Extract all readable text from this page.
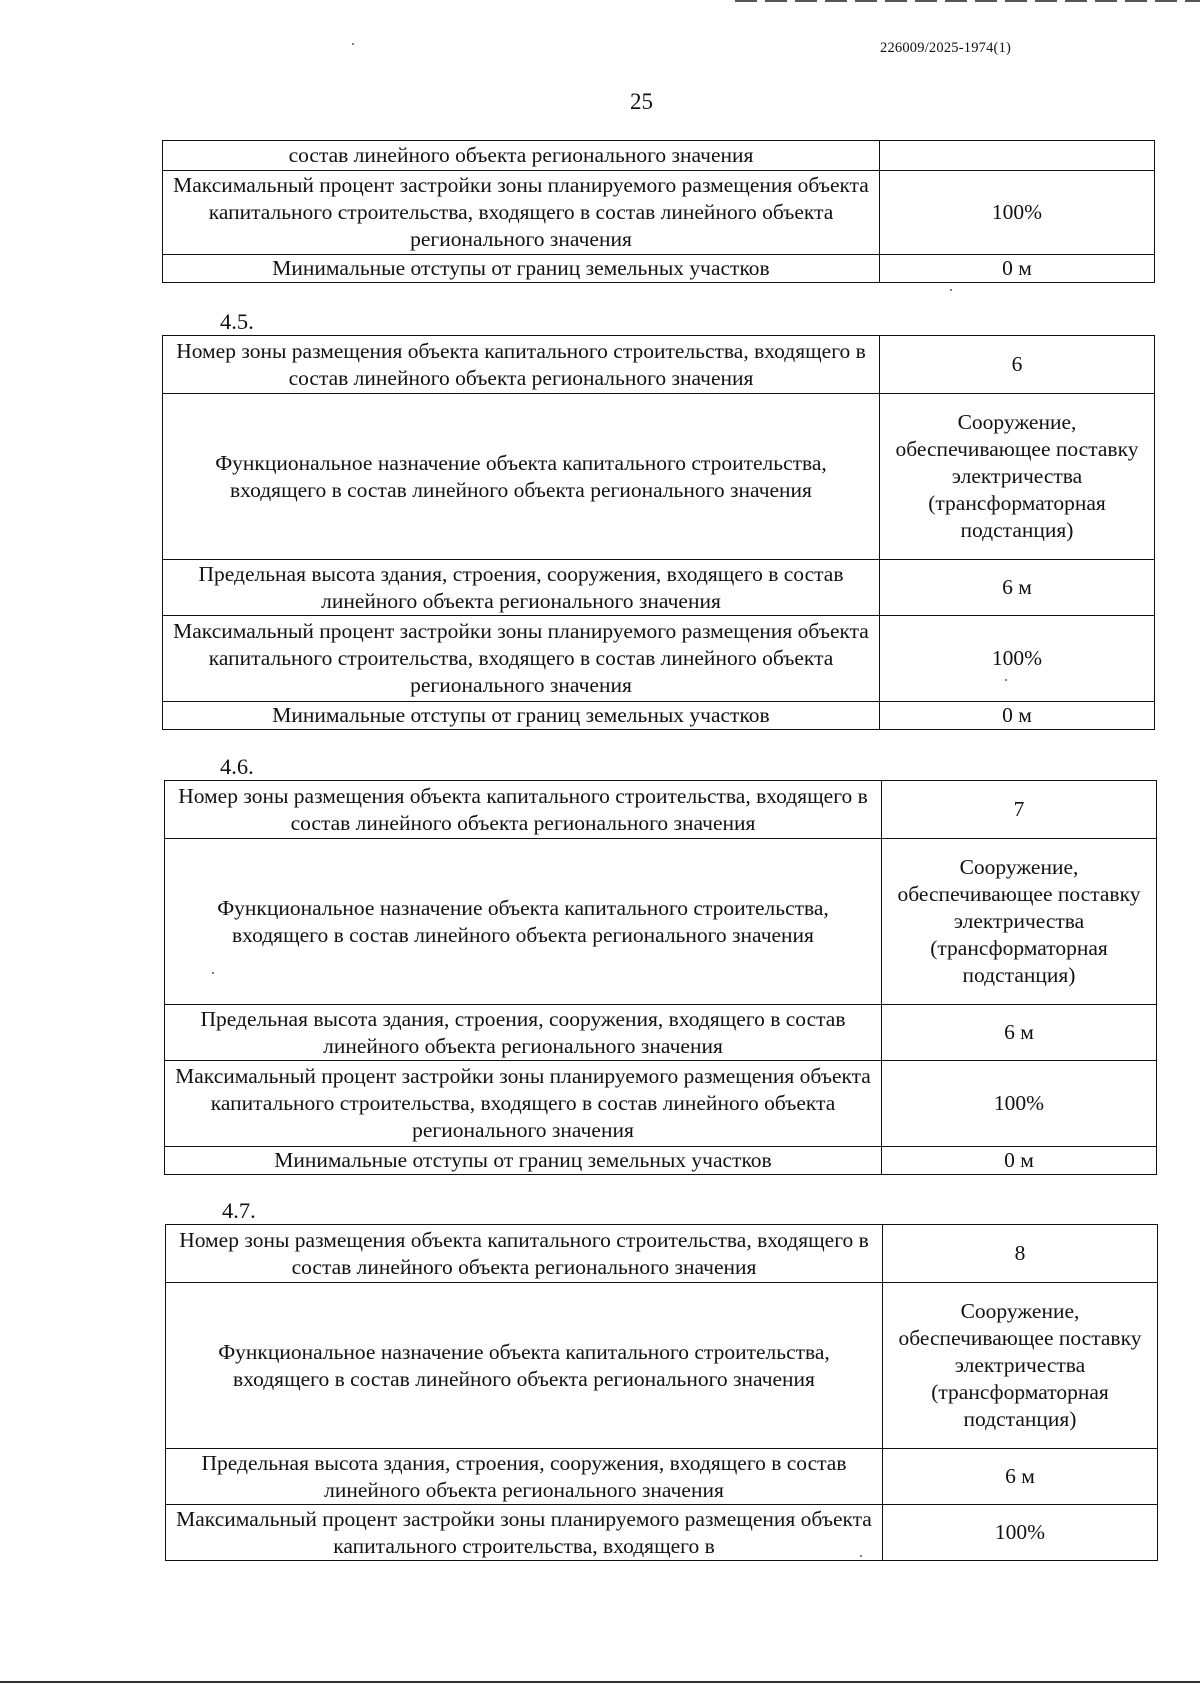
226009/2025-1974(1)
25
состав линейного объекта регионального значения	
Максимальный процент застройки зоны планируемого размещения объекта капитального строительства, входящего в состав линейного объекта регионального значения	100%
Минимальные отступы от границ земельных участков	0 м
4.5.
Номер зоны размещения объекта капитального строительства, входящего в состав линейного объекта регионального значения	6
Функциональное назначение объекта капитального строительства, входящего в состав линейного объекта регионального значения	Сооружение, обеспечивающее поставку электричества (трансформаторная подстанция)
Предельная высота здания, строения, сооружения, входящего в состав линейного объекта регионального значения	6 м
Максимальный процент застройки зоны планируемого размещения объекта капитального строительства, входящего в состав линейного объекта регионального значения	100%
Минимальные отступы от границ земельных участков	0 м
4.6.
Номер зоны размещения объекта капитального строительства, входящего в состав линейного объекта регионального значения	7
Функциональное назначение объекта капитального строительства, входящего в состав линейного объекта регионального значения	Сооружение, обеспечивающее поставку электричества (трансформаторная подстанция)
Предельная высота здания, строения, сооружения, входящего в состав линейного объекта регионального значения	6 м
Максимальный процент застройки зоны планируемого размещения объекта капитального строительства, входящего в состав линейного объекта регионального значения	100%
Минимальные отступы от границ земельных участков	0 м
4.7.
Номер зоны размещения объекта капитального строительства, входящего в состав линейного объекта регионального значения	8
Функциональное назначение объекта капитального строительства, входящего в состав линейного объекта регионального значения	Сооружение, обеспечивающее поставку электричества (трансформаторная подстанция)
Предельная высота здания, строения, сооружения, входящего в состав линейного объекта регионального значения	6 м
Максимальный процент застройки зоны планируемого размещения объекта капитального строительства, входящего в	100%
